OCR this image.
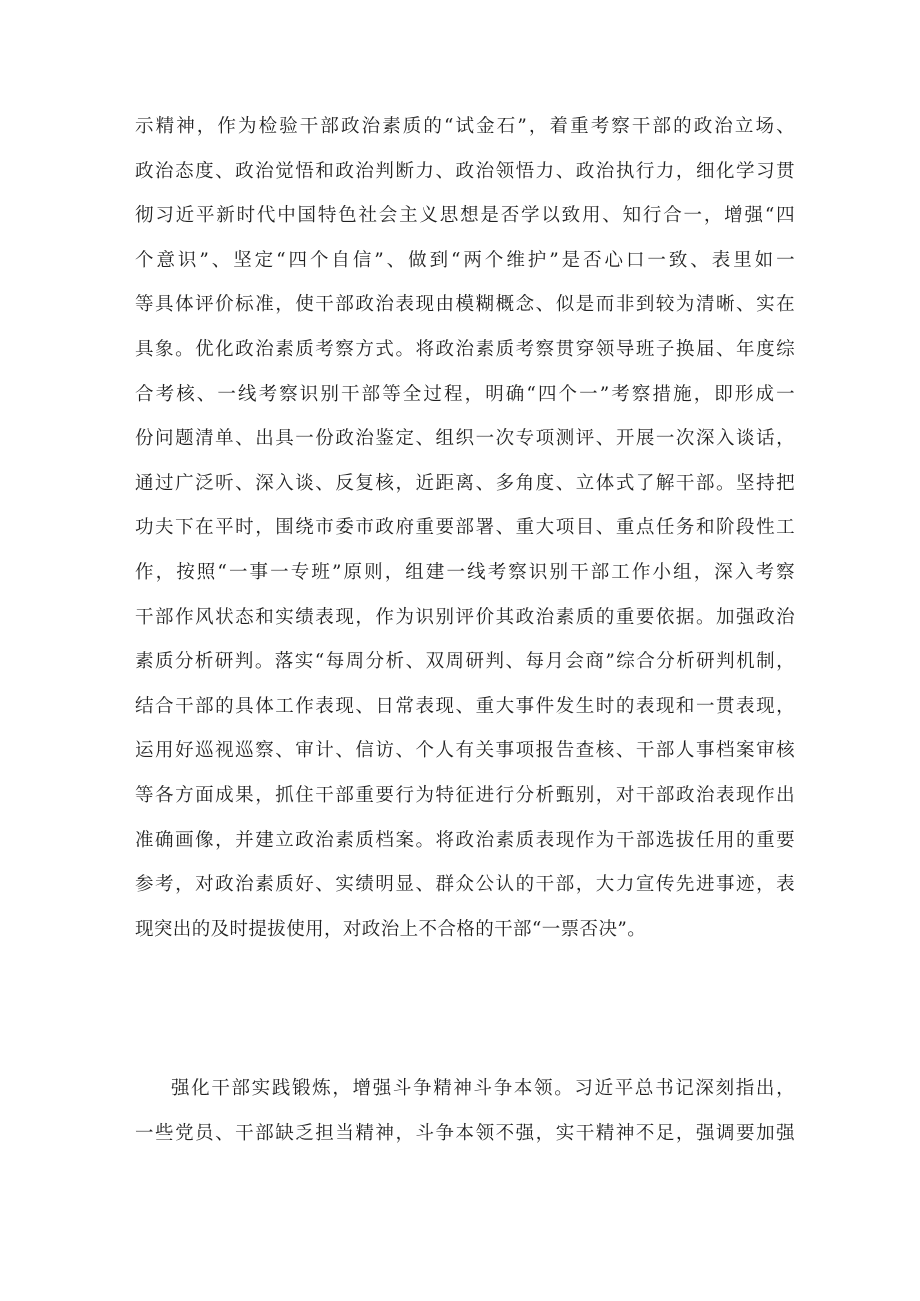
示精神，作为检验干部政治素质的“试金石”，着重考察干部的政治立场、
政治态度、政治觉悟和政治判断力、政治领悟力、政治执行力，细化学习贯
彻习近平新时代中国特色社会主义思想是否学以致用、知行合一，增强“四
个意识”、坚定“四个自信”、做到“两个维护”是否心口一致、表里如一
等具体评价标准，使干部政治表现由模糊概念、似是而非到较为清晰、实在
具象。优化政治素质考察方式。将政治素质考察贯穿领导班子换届、年度综
合考核、一线考察识别干部等全过程，明确“四个一”考察措施，即形成一
份问题清单、出具一份政治鉴定、组织一次专项测评、开展一次深入谈话，
通过广泛听、深入谈、反复核，近距离、多角度、立体式了解干部。坚持把
功夫下在平时，围绕市委市政府重要部署、重大项目、重点任务和阶段性工
作，按照“一事一专班”原则，组建一线考察识别干部工作小组，深入考察
干部作风状态和实绩表现，作为识别评价其政治素质的重要依据。加强政治
素质分析研判。落实“每周分析、双周研判、每月会商”综合分析研判机制，
结合干部的具体工作表现、日常表现、重大事件发生时的表现和一贯表现，
运用好巡视巡察、审计、信访、个人有关事项报告查核、干部人事档案审核
等各方面成果，抓住干部重要行为特征进行分析甄别，对干部政治表现作出
准确画像，并建立政治素质档案。将政治素质表现作为干部选拔任用的重要
参考，对政治素质好、实绩明显、群众公认的干部，大力宣传先进事迹，表
现突出的及时提拔使用，对政治上不合格的干部“一票否决”。
强化干部实践锻炼，增强斗争精神斗争本领。习近平总书记深刻指出，
一些党员、干部缺乏担当精神，斗争本领不强，实干精神不足，强调要加强
